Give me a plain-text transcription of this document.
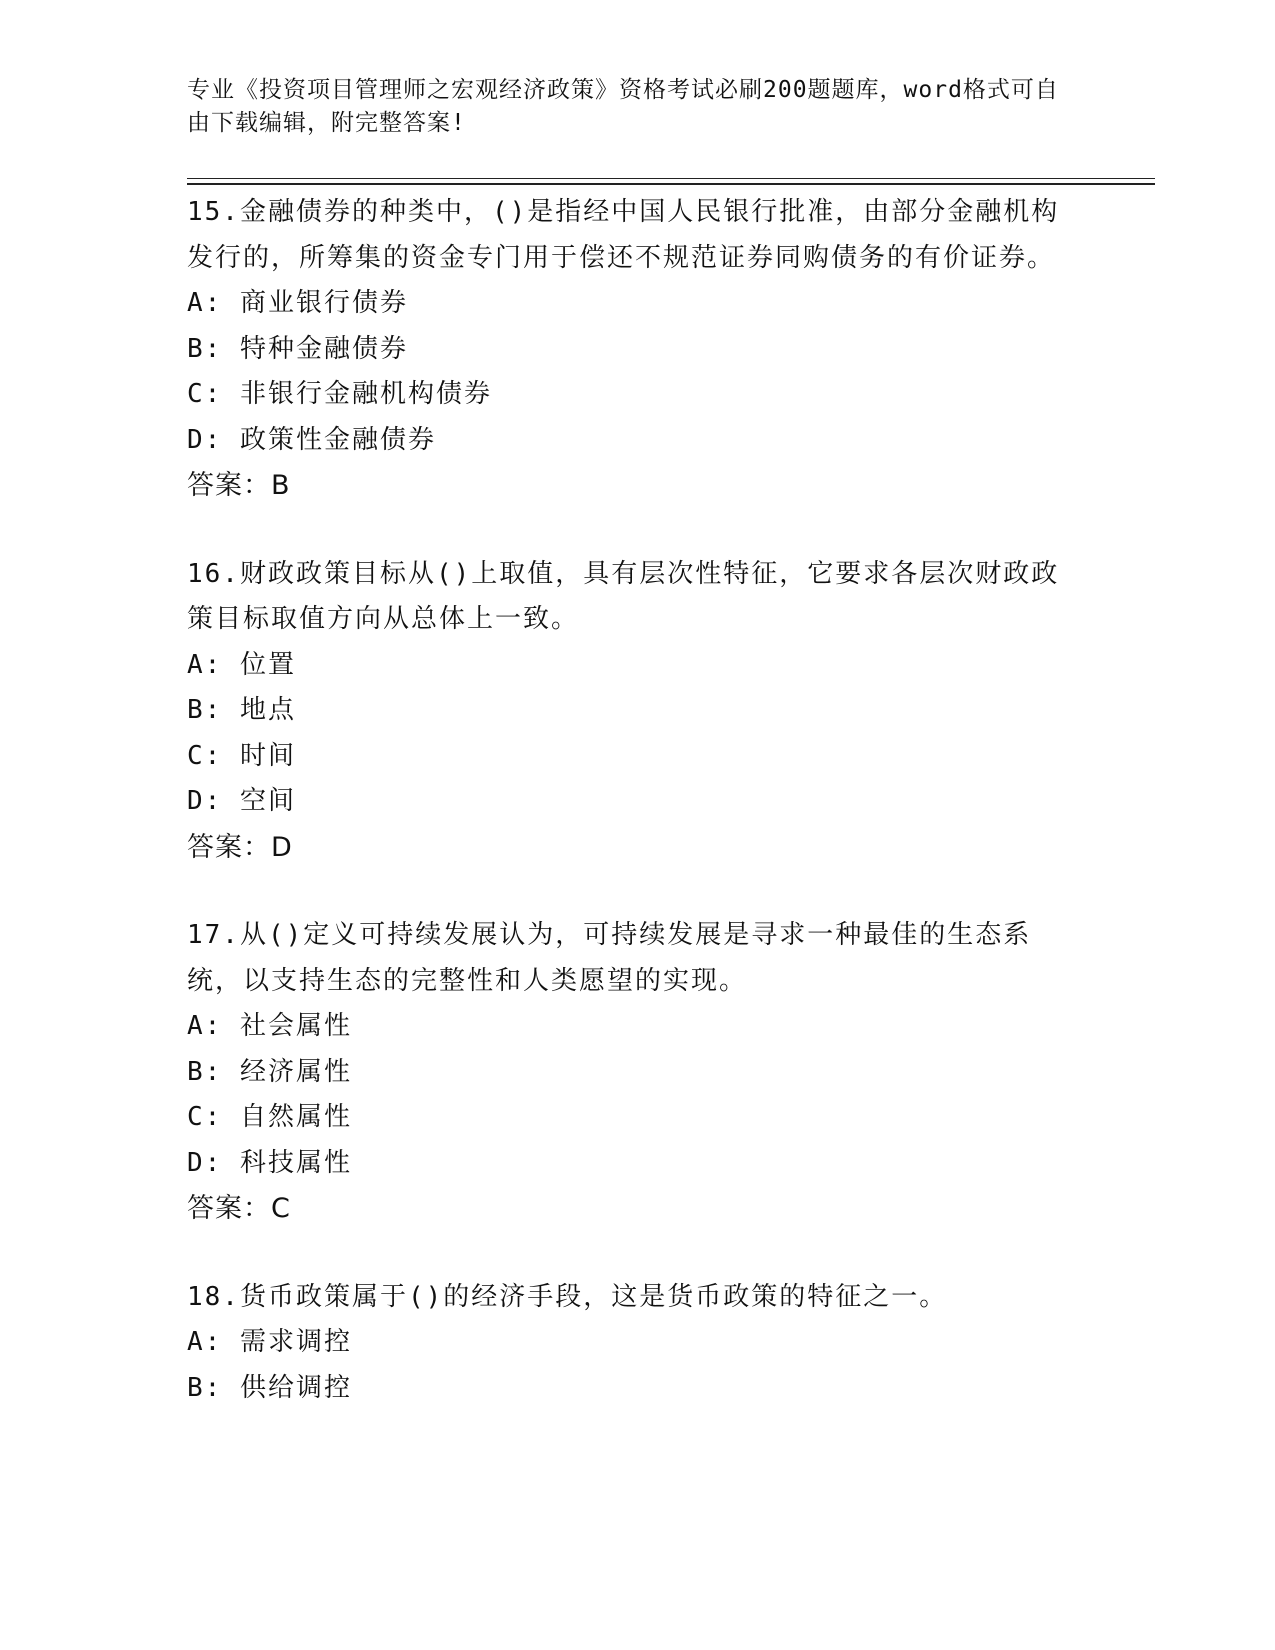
专业《投资项目管理师之宏观经济政策》资格考试必刷200题题库，word格式可自由下载编辑，附完整答案!
15.金融债券的种类中，()是指经中国人民银行批准，由部分金融机构发行的，所筹集的资金专门用于偿还不规范证券同购债务的有价证券。
A: 商业银行债券
B: 特种金融债券
C: 非银行金融机构债券
D: 政策性金融债券
答案：B
16.财政政策目标从()上取值，具有层次性特征，它要求各层次财政政策目标取值方向从总体上一致。
A: 位置
B: 地点
C: 时间
D: 空间
答案：D
17.从()定义可持续发展认为，可持续发展是寻求一种最佳的生态系统，以支持生态的完整性和人类愿望的实现。
A: 社会属性
B: 经济属性
C: 自然属性
D: 科技属性
答案：C
18.货币政策属于()的经济手段，这是货币政策的特征之一。
A: 需求调控
B: 供给调控
